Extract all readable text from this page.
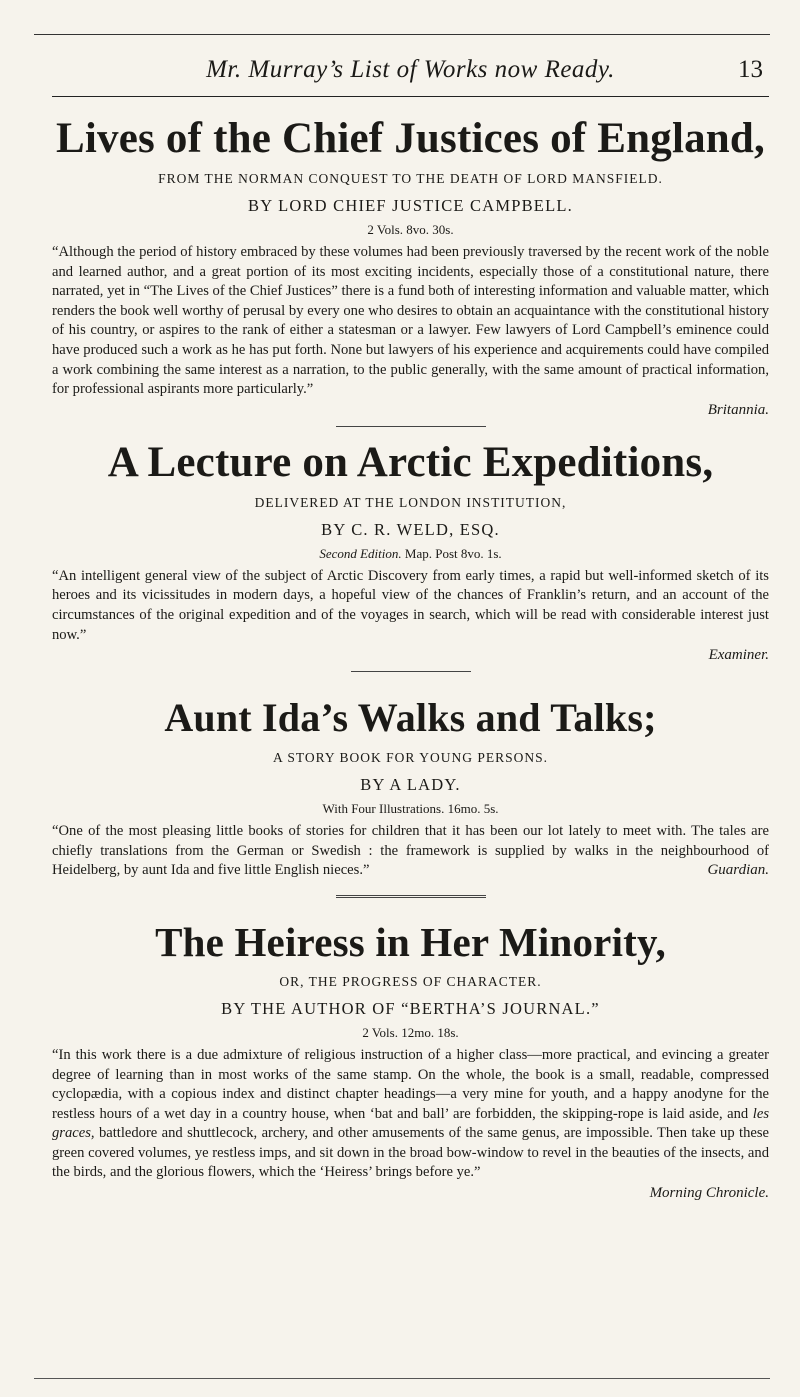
Mr. Murray’s List of Works now Ready.	13
Lives of the Chief Justices of England,
FROM THE NORMAN CONQUEST TO THE DEATH OF LORD MANSFIELD.
BY LORD CHIEF JUSTICE CAMPBELL.
2 Vols. 8vo. 30s.

“Although the period of history embraced by these volumes had been previously traversed by the recent work of the noble and learned author, and a great portion of its most exciting incidents, especially those of a constitutional nature, there narrated, yet in “The Lives of the Chief Justices” there is a fund both of interesting information and valuable matter, which renders the book well worthy of perusal by every one who desires to obtain an acquaintance with the constitutional history of his country, or aspires to the rank of either a statesman or a lawyer. Few lawyers of Lord Campbell’s eminence could have produced such a work as he has put forth. None but lawyers of his experience and acquirements could have compiled a work combining the same interest as a narration, to the public generally, with the same amount of practical information, for professional aspirants more particularly.”

Britannia.
A Lecture on Arctic Expeditions,
DELIVERED AT THE LONDON INSTITUTION,
BY C. R. WELD, ESQ.
Second Edition. Map. Post 8vo. 1s.

“An intelligent general view of the subject of Arctic Discovery from early times, a rapid but well-informed sketch of its heroes and its vicissitudes in modern days, a hopeful view of the chances of Franklin’s return, and an account of the circumstances of the original expedition and of the voyages in search, which will be read with considerable interest just now.”

Examiner.
Aunt Ida’s Walks and Talks;
A STORY BOOK FOR YOUNG PERSONS.
BY A LADY.
With Four Illustrations. 16mo. 5s.

“One of the most pleasing little books of stories for children that it has been our lot lately to meet with. The tales are chiefly translations from the German or Swedish : the framework is supplied by walks in the neighbourhood of Heidelberg, by aunt Ida and five little English nieces.”	Guardian.

The Heiress in Her Minority,
OR, THE PROGRESS OF CHARACTER.
BY THE AUTHOR OF “BERTHA’S JOURNAL.”
2 Vols. 12mo. 18s.

“In this work there is a due admixture of religious instruction of a higher class—more practical, and evincing a greater degree of learning than in most works of the same stamp. On the whole, the book is a small, readable, compressed cyclopædia, with a copious index and distinct chapter headings—a very mine for youth, and a happy anodyne for the restless hours of a wet day in a country house, when ‘bat and ball’ are forbidden, the skipping-rope is laid aside, and les graces, battledore and shuttlecock, archery, and other amusements of the same genus, are impossible. Then take up these green covered volumes, ye restless imps, and sit down in the broad bow-window to revel in the beauties of the insects, and the birds, and the glorious flowers, which the ‘Heiress’ brings before ye.”

Morning Chronicle.
